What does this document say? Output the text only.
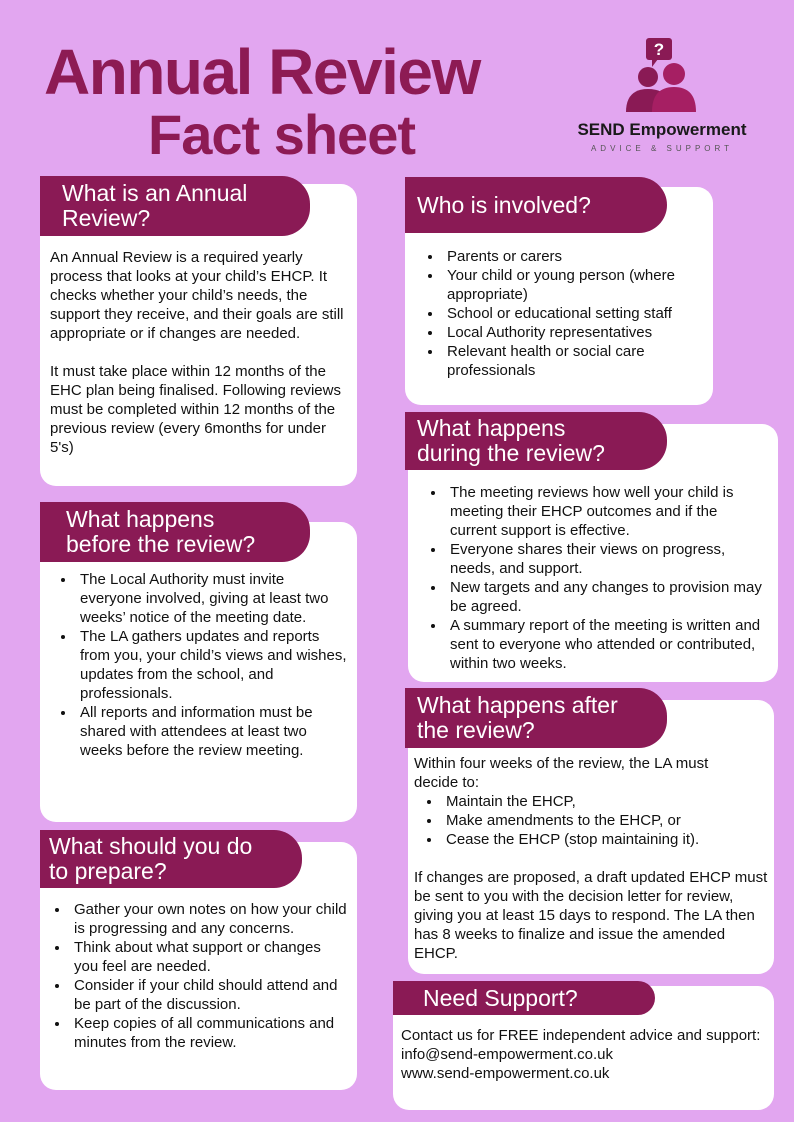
Annual Review
Fact sheet
?
SEND Empowerment
ADVICE & SUPPORT

An Annual Review is a required yearly process that looks at your child’s EHCP. It checks whether your child’s needs, the support they receive, and their goals are still appropriate or if changes are needed.

It must take place within 12 months of the EHC plan being finalised. Following reviews must be completed within 12 months of the previous review (every 6months for under 5's)

What is an Annual Review?
• The Local Authority must invite everyone involved, giving at least two weeks’ notice of the meeting date.
• The LA gathers updates and reports from you, your child’s views and wishes, updates from the school, and professionals.
• All reports and information must be shared with attendees at least two weeks before the review meeting.
What happens
before the review?
• Gather your own notes on how your child is progressing and any concerns.
• Think about what support or changes you feel are needed.
• Consider if your child should attend and be part of the discussion.
• Keep copies of all communications and minutes from the review.
What should you do
to prepare?
• Parents or carers
• Your child or young person (where appropriate)
• School or educational setting staff
• Local Authority representatives
• Relevant health or social care professionals
Who is involved?
• The meeting reviews how well your child is meeting their EHCP outcomes and if the current support is effective.
• Everyone shares their views on progress, needs, and support.
• New targets and any changes to provision may be agreed.
• A summary report of the meeting is written and sent to everyone who attended or contributed, within two weeks.
What happens
during the review?

Within four weeks of the review, the LA must decide to:

• Maintain the EHCP,
• Make amendments to the EHCP, or
• Cease the EHCP (stop maintaining it).

If changes are proposed, a draft updated EHCP must be sent to you with the decision letter for review, giving you at least 15 days to respond. The LA then has 8 weeks to finalize and issue the amended EHCP.

What happens after
the review?

Contact us for FREE independent advice and support:

info@send-empowerment.co.uk

www.send-empowerment.co.uk

Need Support?
